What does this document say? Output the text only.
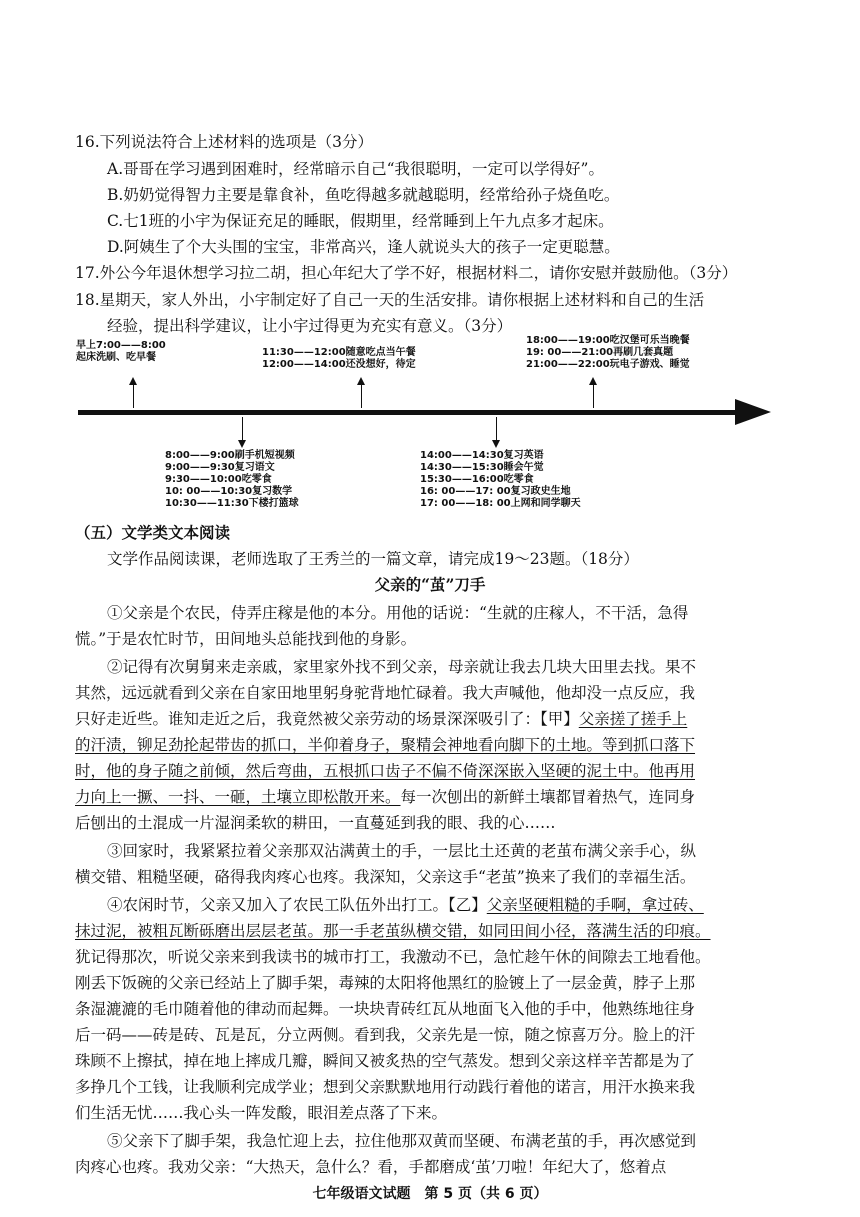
16.下列说法符合上述材料的选项是（3分）
A.哥哥在学习遇到困难时，经常暗示自己“我很聪明，一定可以学得好”。
B.奶奶觉得智力主要是靠食补，鱼吃得越多就越聪明，经常给孙子烧鱼吃。
C.七1班的小宇为保证充足的睡眠，假期里，经常睡到上午九点多才起床。
D.阿姨生了个大头围的宝宝，非常高兴，逢人就说头大的孩子一定更聪慧。
17.外公今年退休想学习拉二胡，担心年纪大了学不好，根据材料二，请你安慰并鼓励他。（3分）
18.星期天，家人外出，小宇制定好了自己一天的生活安排。请你根据上述材料和自己的生活
经验，提出科学建议，让小宇过得更为充实有意义。（3分）
早上7:00——8:00
起床洗刷、吃早餐	11:30——12:00随意吃点当午餐
12:00——14:00还没想好，待定
18:00——19:00吃汉堡可乐当晚餐
19: 00——21:00再刷几套真题
21:00——22:00玩电子游戏、睡觉
8:00——9:00刷手机短视频
9:00——9:30复习语文
9:30——10:00吃零食
10: 00——10:30复习数学
10:30——11:30下楼打篮球
14:00——14:30复习英语
14:30——15:30睡会午觉
15:30——16:00吃零食
16: 00——17: 00复习政史生地
17: 00——18: 00上网和同学聊天
（五）文学类文本阅读
文学作品阅读课，老师选取了王秀兰的一篇文章，请完成19～23题。（18分）
父亲的“茧”刀手
①父亲是个农民，侍弄庄稼是他的本分。用他的话说：“生就的庄稼人，不干活，急得
慌。”于是农忙时节，田间地头总能找到他的身影。
②记得有次舅舅来走亲戚，家里家外找不到父亲，母亲就让我去几块大田里去找。果不
其然，远远就看到父亲在自家田地里躬身驼背地忙碌着。我大声喊他，他却没一点反应，我
只好走近些。谁知走近之后，我竟然被父亲劳动的场景深深吸引了：【甲】父亲搓了搓手上
的汗渍，铆足劲抡起带齿的抓口，半仰着身子，聚精会神地看向脚下的土地。等到抓口落下
时，他的身子随之前倾，然后弯曲，五根抓口齿子不偏不倚深深嵌入坚硬的泥土中。他再用
力向上一撅、一抖、一砸，土壤立即松散开来。每一次刨出的新鲜土壤都冒着热气，连同身
后刨出的土混成一片湿润柔软的耕田，一直蔓延到我的眼、我的心……
③回家时，我紧紧拉着父亲那双沾满黄土的手，一层比土还黄的老茧布满父亲手心，纵
横交错、粗糙坚硬，硌得我肉疼心也疼。我深知，父亲这手“老茧”换来了我们的幸福生活。
④农闲时节，父亲又加入了农民工队伍外出打工。【乙】父亲坚硬粗糙的手啊，拿过砖、
抹过泥，被粗瓦断砾磨出层层老茧。那一手老茧纵横交错，如同田间小径，落满生活的印痕。
犹记得那次，听说父亲来到我读书的城市打工，我激动不已，急忙趁午休的间隙去工地看他。
刚丢下饭碗的父亲已经站上了脚手架，毒辣的太阳将他黑红的脸镀上了一层金黄，脖子上那
条湿漉漉的毛巾随着他的律动而起舞。一块块青砖红瓦从地面飞入他的手中，他熟练地往身
后一码——砖是砖、瓦是瓦，分立两侧。看到我，父亲先是一惊，随之惊喜万分。脸上的汗
珠顾不上擦拭，掉在地上摔成几瓣，瞬间又被炙热的空气蒸发。想到父亲这样辛苦都是为了
多挣几个工钱，让我顺利完成学业；想到父亲默默地用行动践行着他的诺言，用汗水换来我
们生活无忧……我心头一阵发酸，眼泪差点落了下来。
⑤父亲下了脚手架，我急忙迎上去，拉住他那双黄而坚硬、布满老茧的手，再次感觉到
肉疼心也疼。我劝父亲：“大热天，急什么？看，手都磨成‘茧’刀啦！年纪大了，悠着点
七年级语文试题　第 5 页（共 6 页）
